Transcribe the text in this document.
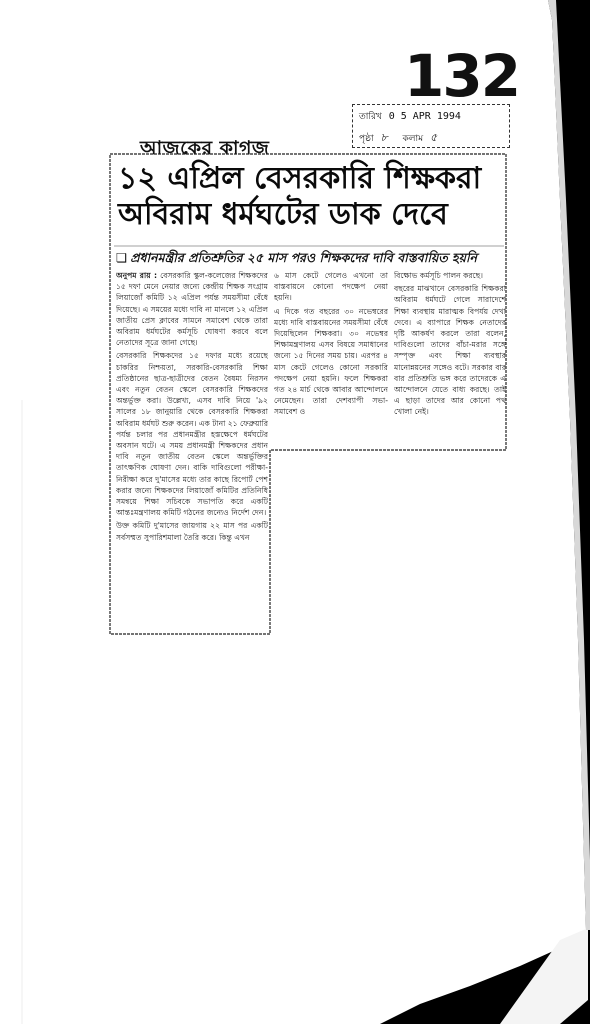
132
তারিখ 0 5 APR 1994
পৃষ্ঠা ৮ কলাম ৫
আজকের কাগজ
১২ এপ্রিল বেসরকারি শিক্ষকরা
অবিরাম ধর্মঘটের ডাক দেবে
❏ প্রধানমন্ত্রীর প্রতিশ্রুতির ২৫ মাস পরও শিক্ষকদের দাবি বাস্তবায়িত হয়নি

অনুপম রায় : বেসরকারি স্কুল-কলেজের শিক্ষকদের ১৫ দফা মেনে নেয়ার জন্যে কেন্দ্রীয় শিক্ষক সংগ্রাম লিয়াজোঁ কমিটি ১২ এপ্রিল পর্যন্ত সময়সীমা বেঁধে দিয়েছে। এ সময়ের মধ্যে দাবি না মানলে ১২ এপ্রিল জাতীয় প্রেস ক্লাবের সামনে সমাবেশ থেকে তারা অবিরাম ধর্মঘটের কর্মসূচি ঘোষণা করবে বলে নেতাদের সূত্রে জানা গেছে।

বেসরকারি শিক্ষকদের ১৫ দফার মধ্যে রয়েছে চাকরির নিশ্চয়তা, সরকারি-বেসরকারি শিক্ষা প্রতিষ্ঠানের ছাত্র-ছাত্রীদের বেতন বৈষম্য নিরসন এবং নতুন বেতন স্কেলে বেসরকারি শিক্ষকদের অন্তর্ভুক্ত করা। উল্লেখ্য, এসব দাবি নিয়ে '৯২ সালের ১৮ জানুয়ারি থেকে বেসরকারি শিক্ষকরা অবিরাম ধর্মঘট শুরু করেন। এক টানা ২১ ফেব্রুয়ারি পর্যন্ত চলার পর প্রধানমন্ত্রীর হস্তক্ষেপে ধর্মঘটের অবসান ঘটে। এ সময় প্রধানমন্ত্রী শিক্ষকদের প্রধান দাবি নতুন জাতীয় বেতন স্কেলে অন্তর্ভুক্তির তাৎক্ষণিক ঘোষণা দেন। বাকি দাবিগুলো পরীক্ষা-নিরীক্ষা করে দু'মাসের মধ্যে তার কাছে রিপোর্ট পেশ করার জন্যে শিক্ষকদের লিয়াজোঁ কমিটির প্রতিনিধি সমন্বয়ে শিক্ষা সচিবকে সভাপতি করে একটি আন্তঃমন্ত্রণালয় কমিটি গঠনের জন্যেও নির্দেশ দেন।

উক্ত কমিটি দু'মাসের জায়গায় ২২ মাস পর একটি সর্বসম্মত সুপারিশমালা তৈরি করে। কিন্তু এখন

৬ মাস কেটে গেলেও এখনো তা বাস্তবায়নে কোনো পদক্ষেপ নেয়া হয়নি।

এ দিকে গত বছরের ৩০ নভেম্বরের মধ্যে দাবি বাস্তবায়নের সময়সীমা বেঁধে দিয়েছিলেন শিক্ষকরা। ৩০ নভেম্বর শিক্ষামন্ত্রণালয় এসব বিষয়ে সমাধানের জন্যে ১৫ দিনের সময় চায়। এরপর ৪ মাস কেটে গেলেও কোনো সরকারি পদক্ষেপ নেয়া হয়নি। ফলে শিক্ষকরা গত ২৪ মার্চ থেকে আবার আন্দোলনে নেমেছেন। তারা দেশব্যাপী সভা-সমাবেশ ও

বিক্ষোভ কর্মসূচি পালন করছে।

বছরের মাঝখানে বেসরকারি শিক্ষকরা অবিরাম ধর্মঘটে গেলে সারাদেশে শিক্ষা ব্যবস্থায় মারাত্মক বিপর্যয় দেখা দেবে। এ ব্যাপারে শিক্ষক নেতাদের দৃষ্টি আকর্ষণ করলে তারা বলেন, দাবিগুলো তাদের বাঁচা-মরার সঙ্গে সম্পৃক্ত এবং শিক্ষা ব্যবস্থার মানোন্নয়নের সঙ্গেও বটে। সরকার বার বার প্রতিশ্রুতি ভঙ্গ করে তাদেরকে এ আন্দোলনে যেতে বাধ্য করছে। তাই এ ছাড়া তাদের আর কোনো পথ খোলা নেই।
